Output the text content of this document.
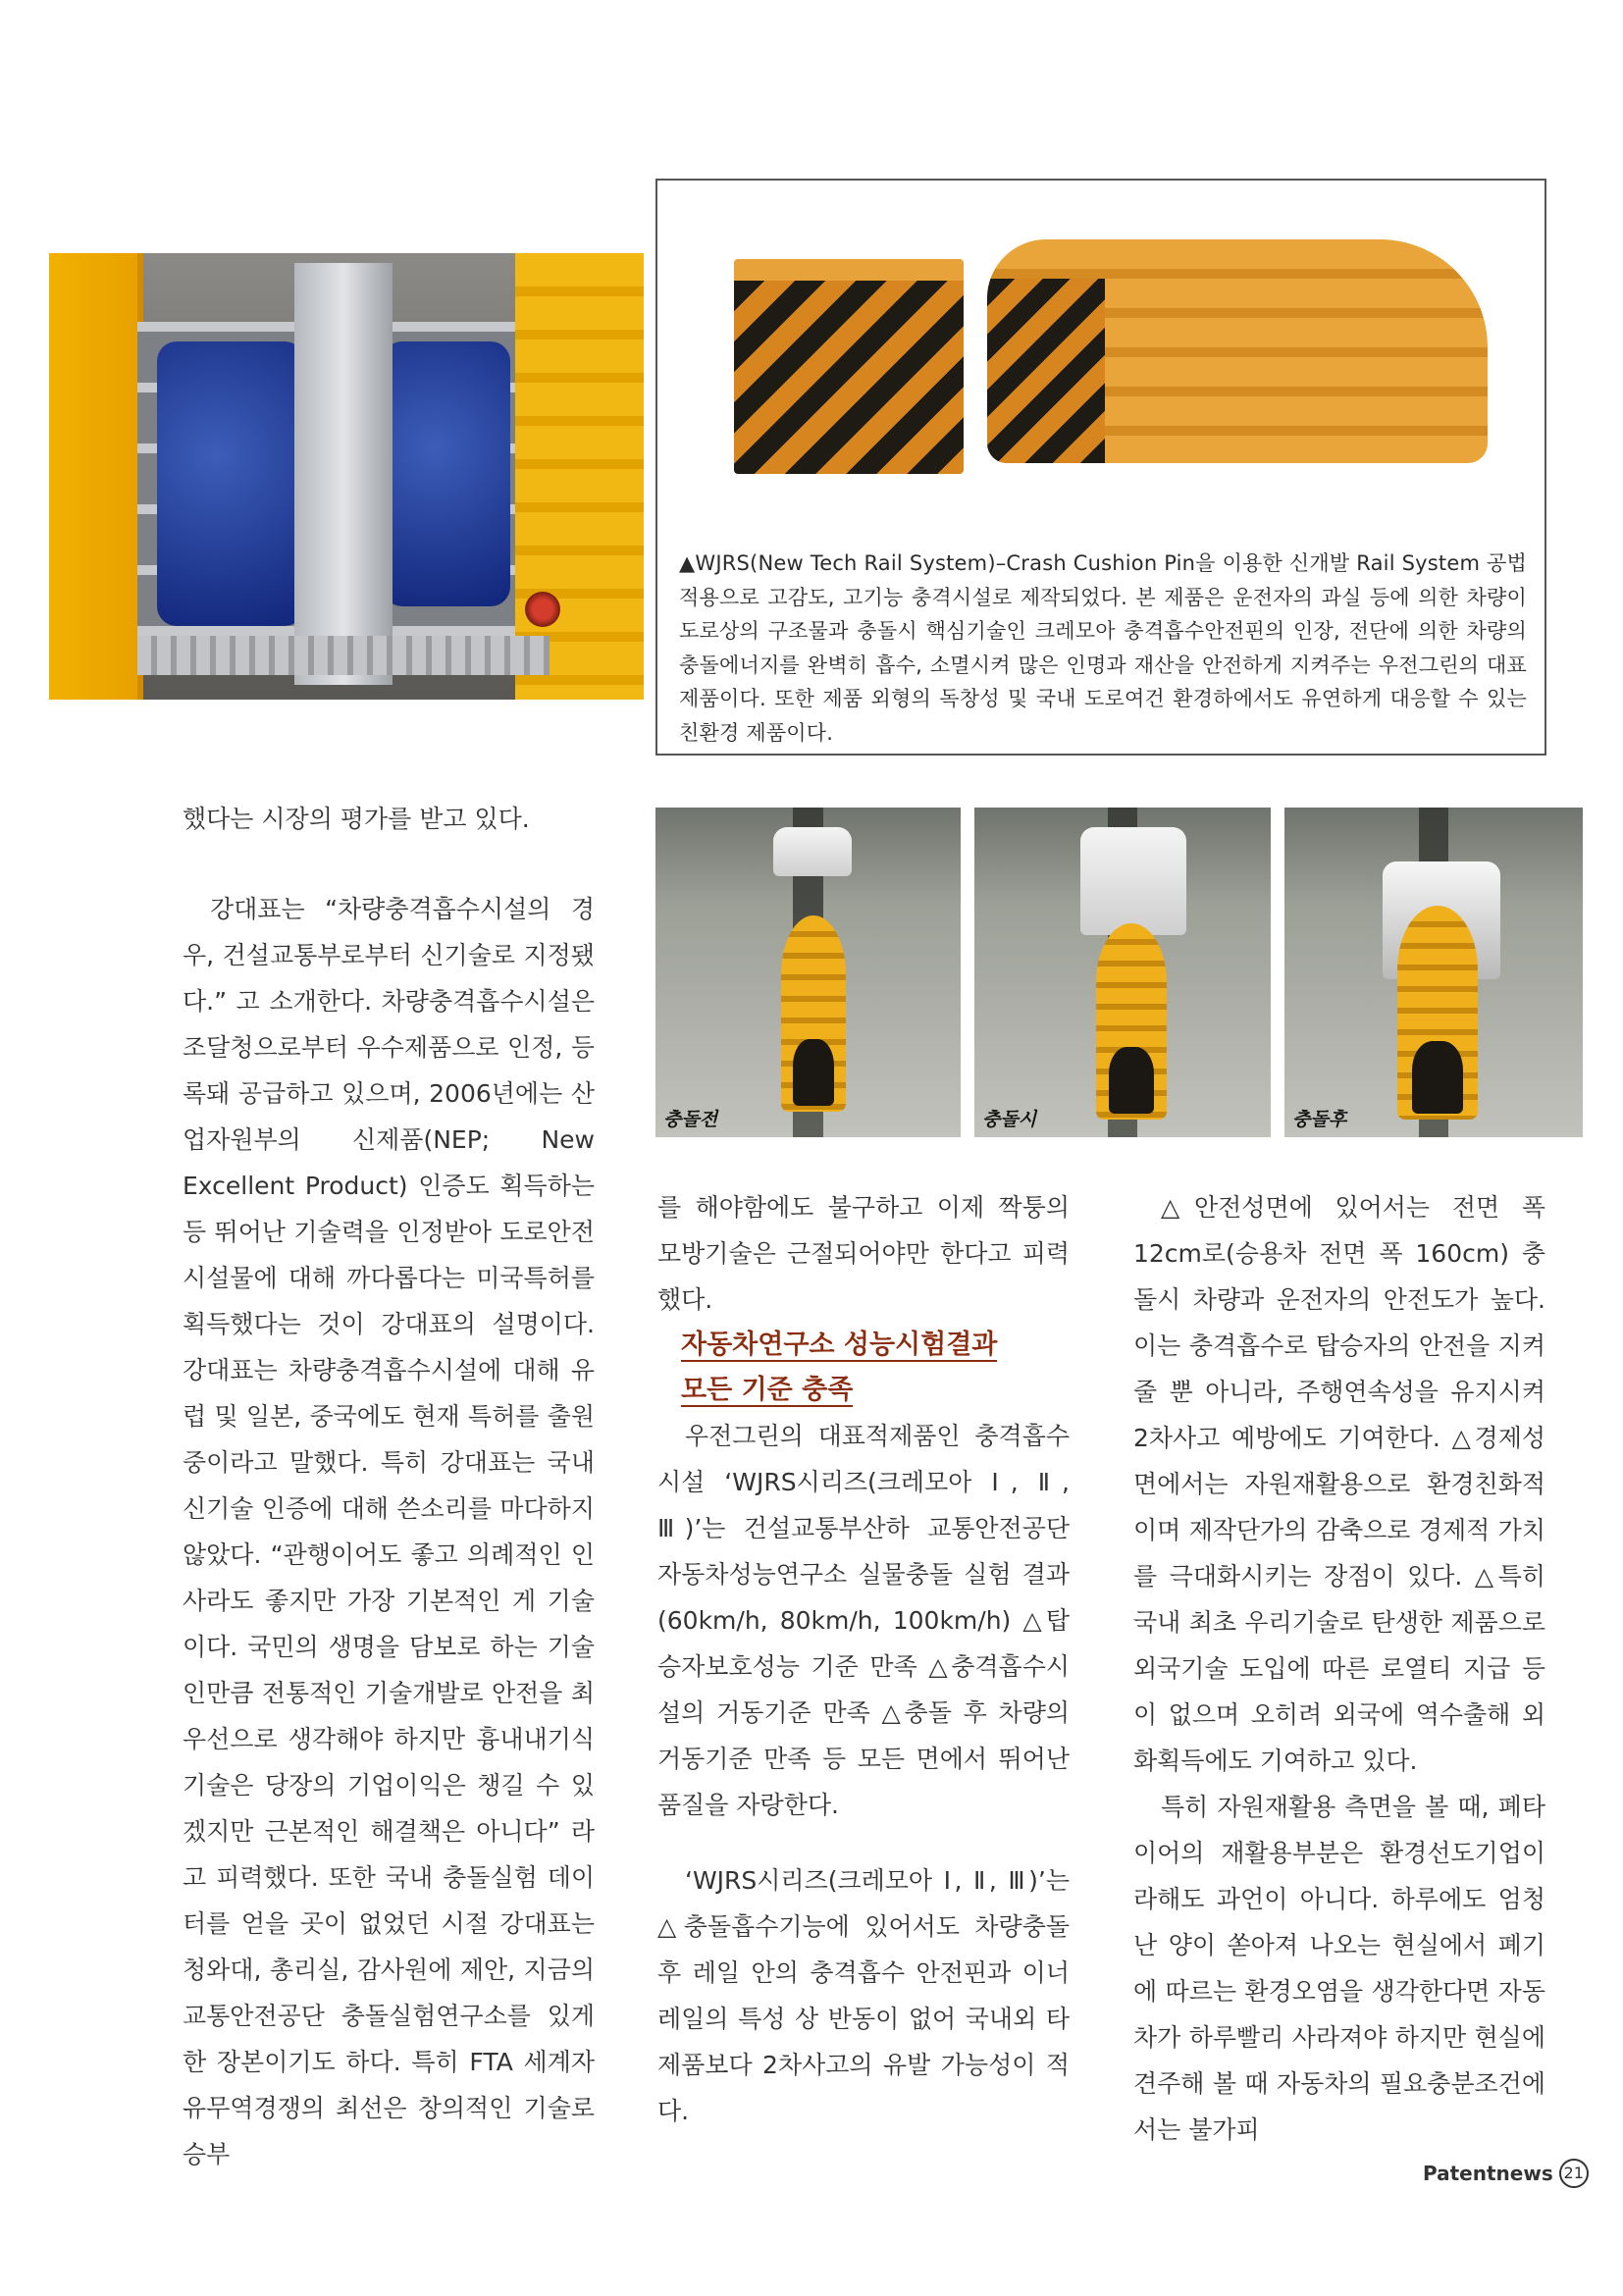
▲WJRS(New Tech Rail System)–Crash Cushion Pin을 이용한 신개발 Rail System 공법 적용으로 고감도, 고기능 충격시설로 제작되었다. 본 제품은 운전자의 과실 등에 의한 차량이 도로상의 구조물과 충돌시 핵심기술인 크레모아 충격흡수안전핀의 인장, 전단에 의한 차량의 충돌에너지를 완벽히 흡수, 소멸시켜 많은 인명과 재산을 안전하게 지켜주는 우전그린의 대표 제품이다. 또한 제품 외형의 독창성 및 국내 도로여건 환경하에서도 유연하게 대응할 수 있는 친환경 제품이다.

충돌전	충돌시	충돌후

했다는 시장의 평가를 받고 있다.

강대표는 “차량충격흡수시설의 경우, 건설교통부로부터 신기술로 지정됐다.” 고 소개한다. 차량충격흡수시설은 조달청으로부터 우수제품으로 인정, 등록돼 공급하고 있으며, 2006년에는 산업자원부의 신제품(NEP; New Excellent Product) 인증도 획득하는 등 뛰어난 기술력을 인정받아 도로안전시설물에 대해 까다롭다는 미국특허를 획득했다는 것이 강대표의 설명이다. 강대표는 차량충격흡수시설에 대해 유럽 및 일본, 중국에도 현재 특허를 출원중이라고 말했다. 특히 강대표는 국내 신기술 인증에 대해 쓴소리를 마다하지 않았다. “관행이어도 좋고 의례적인 인사라도 좋지만 가장 기본적인 게 기술이다. 국민의 생명을 담보로 하는 기술인만큼 전통적인 기술개발로 안전을 최우선으로 생각해야 하지만 흉내내기식 기술은 당장의 기업이익은 챙길 수 있겠지만 근본적인 해결책은 아니다” 라고 피력했다. 또한 국내 충돌실험 데이터를 얻을 곳이 없었던 시절 강대표는 청와대, 총리실, 감사원에 제안, 지금의 교통안전공단 충돌실험연구소를 있게 한 장본이기도 하다. 특히 FTA 세계자유무역경쟁의 최선은 창의적인 기술로 승부

를 해야함에도 불구하고 이제 짝퉁의 모방기술은 근절되어야만 한다고 피력했다.

자동차연구소 성능시험결과
모든 기준 충족

우전그린의 대표적제품인 충격흡수시설 ‘WJRS시리즈(크레모아 Ⅰ, Ⅱ, Ⅲ)’는 건설교통부산하 교통안전공단 자동차성능연구소 실물충돌 실험 결과(60km/h, 80km/h, 100km/h) △탑승자보호성능 기준 만족 △충격흡수시설의 거동기준 만족 △충돌 후 차량의 거동기준 만족 등 모든 면에서 뛰어난 품질을 자랑한다.

‘WJRS시리즈(크레모아 Ⅰ, Ⅱ, Ⅲ)’는 △충돌흡수기능에 있어서도 차량충돌 후 레일 안의 충격흡수 안전핀과 이너레일의 특성 상 반동이 없어 국내외 타 제품보다 2차사고의 유발 가능성이 적다.

△안전성면에 있어서는 전면 폭 12cm로(승용차 전면 폭 160cm) 충돌시 차량과 운전자의 안전도가 높다. 이는 충격흡수로 탑승자의 안전을 지켜줄 뿐 아니라, 주행연속성을 유지시켜 2차사고 예방에도 기여한다. △경제성면에서는 자원재활용으로 환경친화적이며 제작단가의 감축으로 경제적 가치를 극대화시키는 장점이 있다. △특히 국내 최초 우리기술로 탄생한 제품으로 외국기술 도입에 따른 로열티 지급 등이 없으며 오히려 외국에 역수출해 외화획득에도 기여하고 있다.

특히 자원재활용 측면을 볼 때, 폐타이어의 재활용부분은 환경선도기업이라해도 과언이 아니다. 하루에도 엄청난 양이 쏟아져 나오는 현실에서 폐기에 따르는 환경오염을 생각한다면 자동차가 하루빨리 사라져야 하지만 현실에 견주해 볼 때 자동차의 필요충분조건에서는 불가피

Patentnews 21
